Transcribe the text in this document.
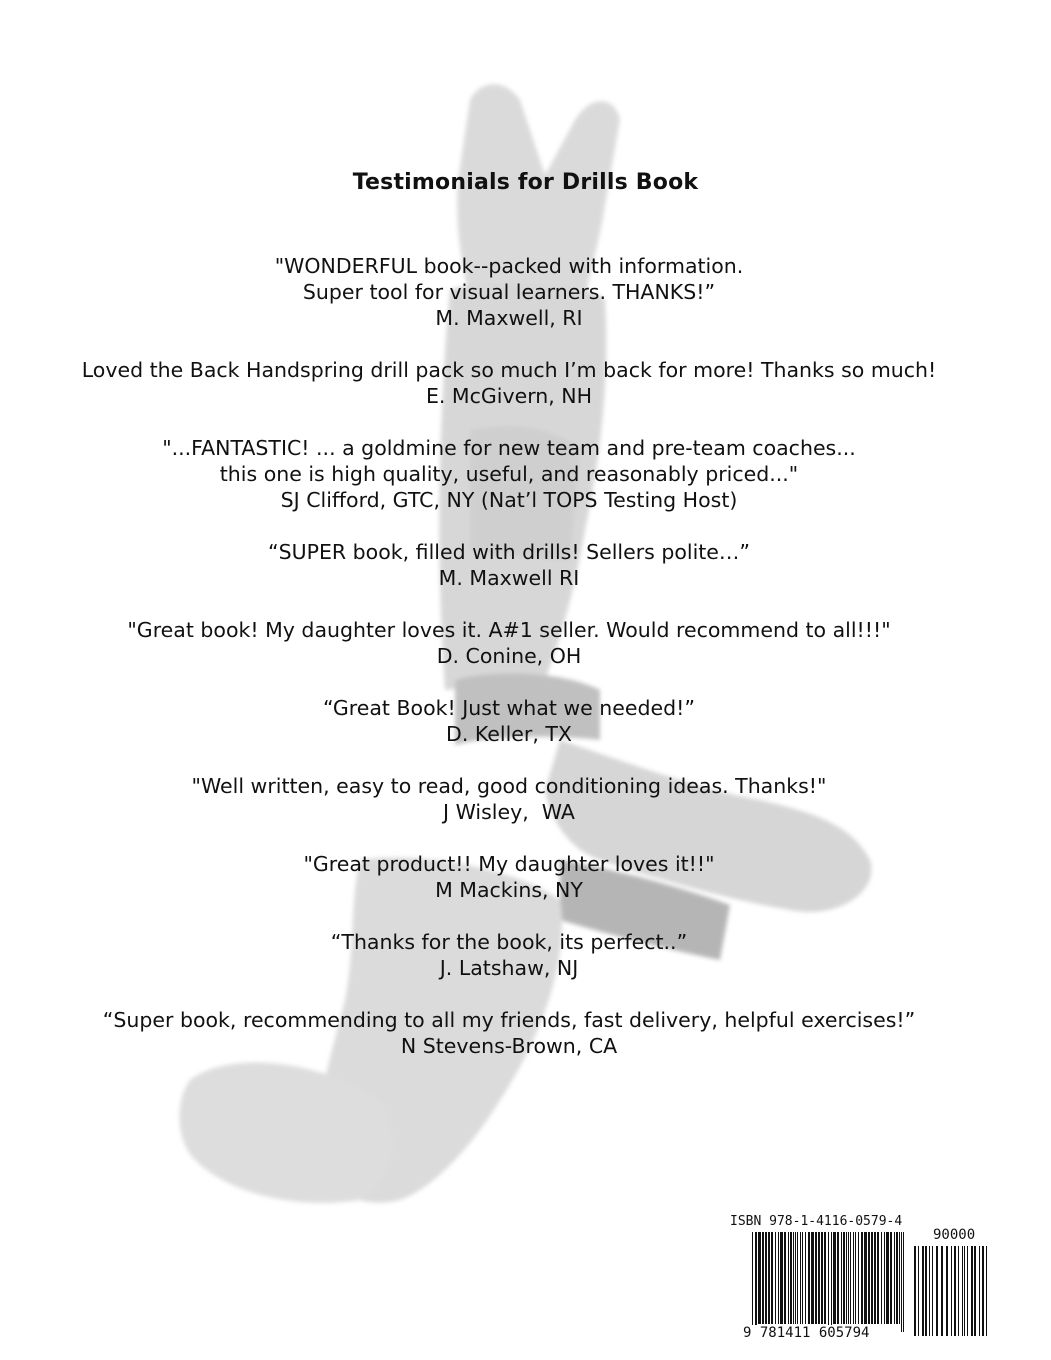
Testimonials for Drills Book
"WONDERFUL book--packed with information.
Super tool for visual learners. THANKS!”
M. Maxwell, RI
Loved the Back Handspring drill pack so much I’m back for more! Thanks so much!
E. McGivern, NH
"...FANTASTIC! ... a goldmine for new team and pre-team coaches...
this one is high quality, useful, and reasonably priced..."
SJ Clifford, GTC, NY (Nat’l TOPS Testing Host)
“SUPER book, filled with drills! Sellers polite…”
M. Maxwell RI
"Great book! My daughter loves it. A#1 seller. Would recommend to all!!!"
D. Conine, OH
“Great Book! Just what we needed!”
D. Keller, TX
"Well written, easy to read, good conditioning ideas. Thanks!"
J Wisley,  WA
"Great product!! My daughter loves it!!"
M Mackins, NY
“Thanks for the book, its perfect..”
J. Latshaw, NJ
“Super book, recommending to all my friends, fast delivery, helpful exercises!”
N Stevens-Brown, CA
ISBN 978-1-4116-0579-4
90000
9 781411 605794
